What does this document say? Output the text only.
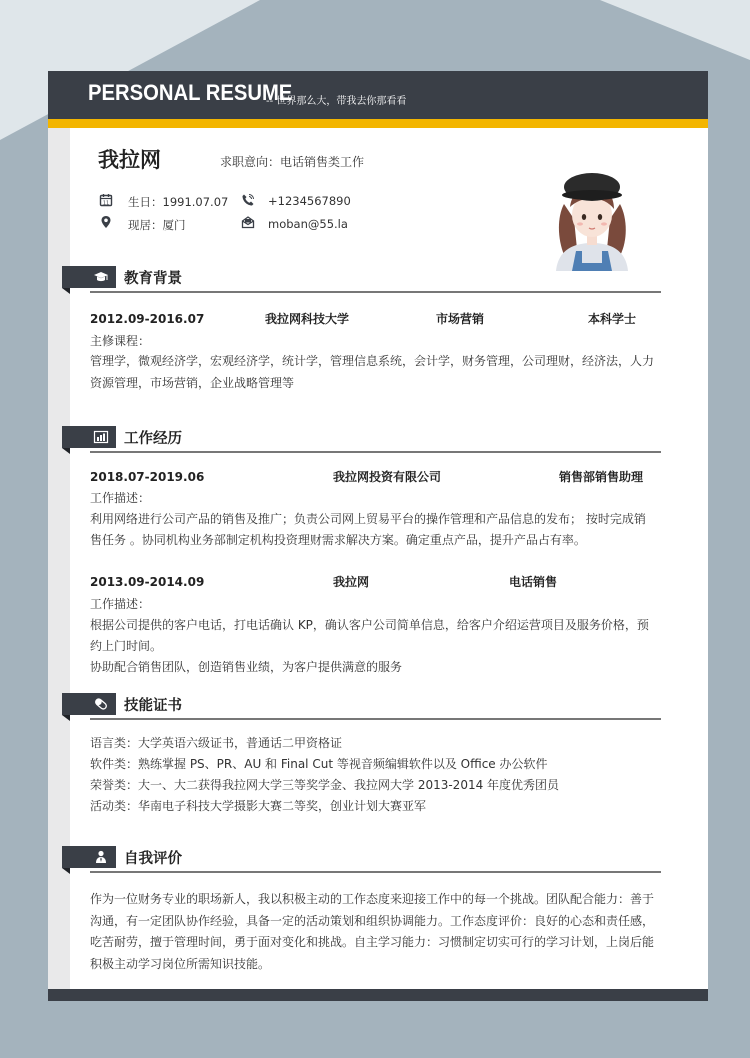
PERSONAL RESUME
-- 世界那么大，带我去你那看看
我拉网	求职意向：电话销售类工作
11 生日：1991.07.07	+1234567890
现居：厦门	moban@55.la
教育背景
2012.09-2016.07	我拉网科技大学	市场营销	本科学士
主修课程：
管理学，微观经济学，宏观经济学，统计学，管理信息系统，会计学，财务管理，公司理财，经济法，人力
资源管理，市场营销，企业战略管理等
工作经历
2018.07-2019.06	我拉网投资有限公司	销售部销售助理
工作描述：
利用网络进行公司产品的销售及推广；负责公司网上贸易平台的操作管理和产品信息的发布； 按时完成销
售任务 。协同机构业务部制定机构投资理财需求解决方案。确定重点产品，提升产品占有率。
2013.09-2014.09	我拉网	电话销售
工作描述：
根据公司提供的客户电话，打电话确认 KP，确认客户公司简单信息，给客户介绍运营项目及服务价格，预
约上门时间。
协助配合销售团队，创造销售业绩，为客户提供满意的服务
技能证书
语言类：大学英语六级证书，普通话二甲资格证
软件类：熟练掌握 PS、PR、AU 和 Final Cut 等视音频编辑软件以及 Office 办公软件
荣誉类：大一、大二获得我拉网大学三等奖学金、我拉网大学 2013-2014 年度优秀团员
活动类：华南电子科技大学摄影大赛二等奖，创业计划大赛亚军
自我评价
作为一位财务专业的职场新人，我以积极主动的工作态度来迎接工作中的每一个挑战。团队配合能力：善于
沟通，有一定团队协作经验，具备一定的活动策划和组织协调能力。工作态度评价：良好的心态和责任感，
吃苦耐劳，擅于管理时间，勇于面对变化和挑战。自主学习能力：习惯制定切实可行的学习计划，上岗后能
积极主动学习岗位所需知识技能。
